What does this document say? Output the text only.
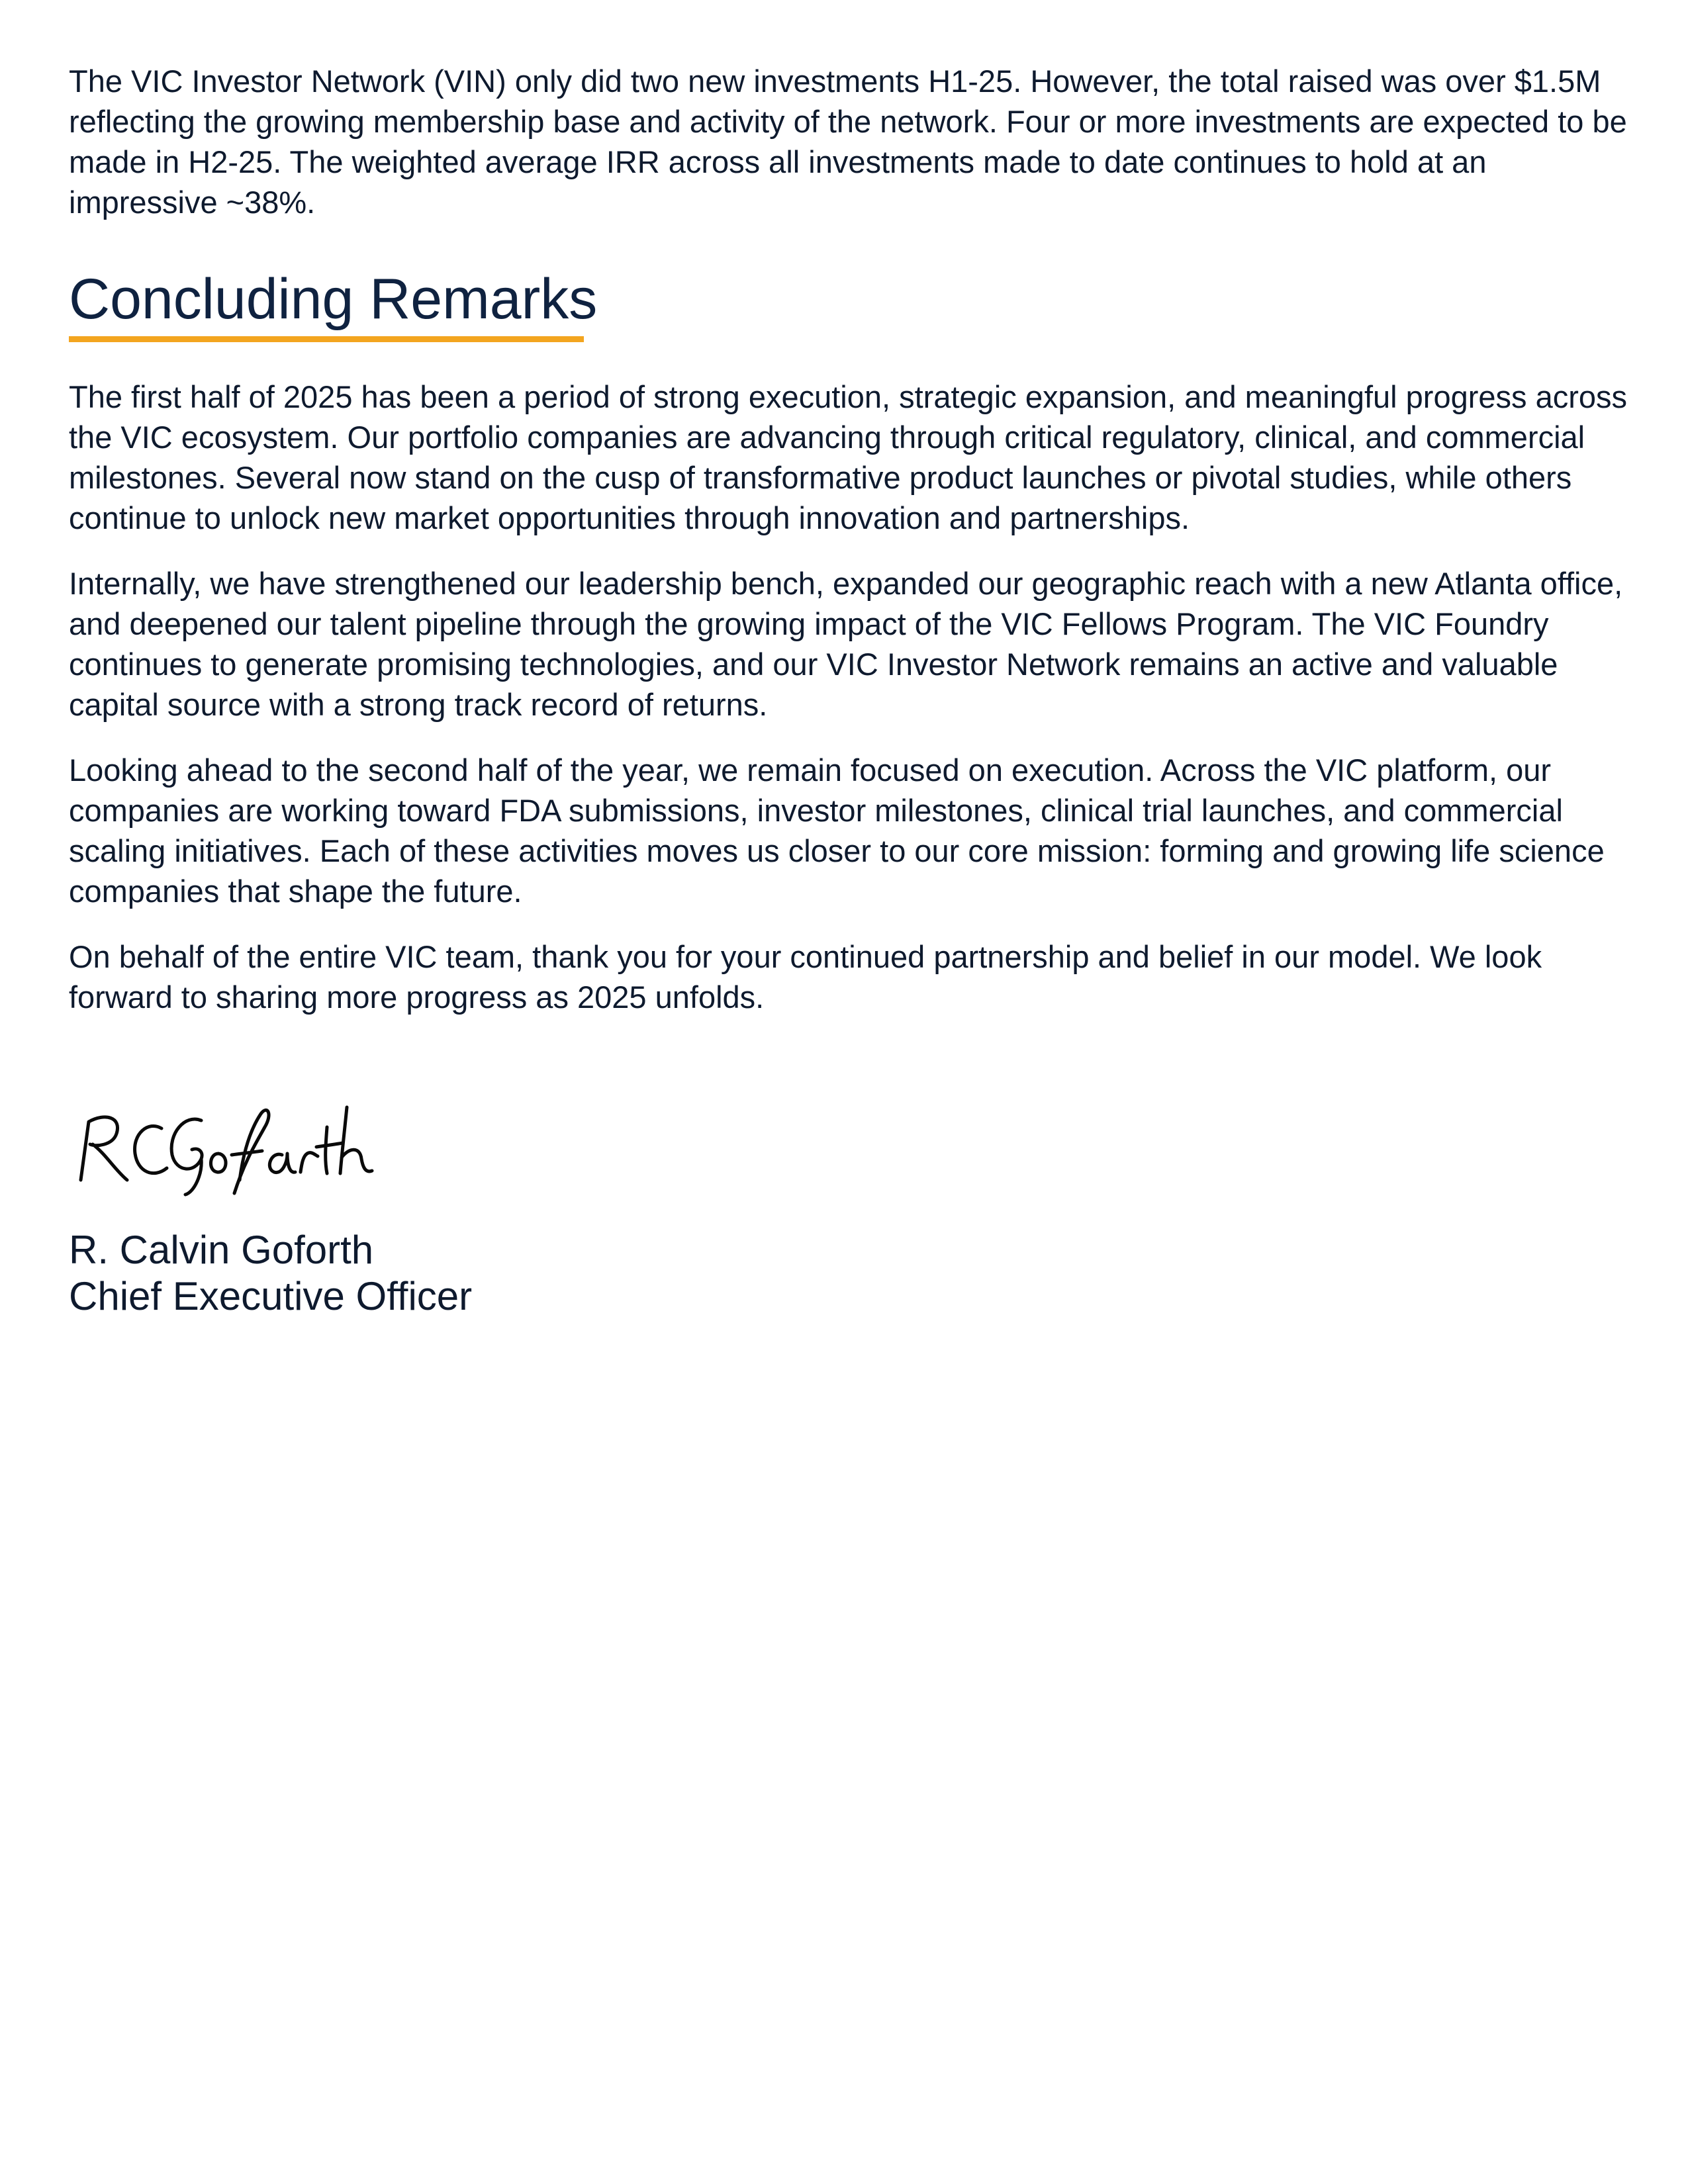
The VIC Investor Network (VIN) only did two new investments H1-25. However, the total raised was over $1.5M reflecting the growing membership base and activity of the network. Four or more investments are expected to be made in H2-25. The weighted average IRR across all investments made to date continues to hold at an impressive ~38%.

Concluding Remarks

The first half of 2025 has been a period of strong execution, strategic expansion, and meaningful progress across the VIC ecosystem. Our portfolio companies are advancing through critical regulatory, clinical, and commercial milestones. Several now stand on the cusp of transformative product launches or pivotal studies, while others continue to unlock new market opportunities through innovation and partnerships.

Internally, we have strengthened our leadership bench, expanded our geographic reach with a new Atlanta office, and deepened our talent pipeline through the growing impact of the VIC Fellows Program. The VIC Foundry continues to generate promising technologies, and our VIC Investor Network remains an active and valuable capital source with a strong track record of returns.

Looking ahead to the second half of the year, we remain focused on execution. Across the VIC platform, our companies are working toward FDA submissions, investor milestones, clinical trial launches, and commercial scaling initiatives. Each of these activities moves us closer to our core mission: forming and growing life science companies that shape the future.

On behalf of the entire VIC team, thank you for your continued partnership and belief in our model. We look forward to sharing more progress as 2025 unfolds.

R. Calvin Goforth
Chief Executive Officer
